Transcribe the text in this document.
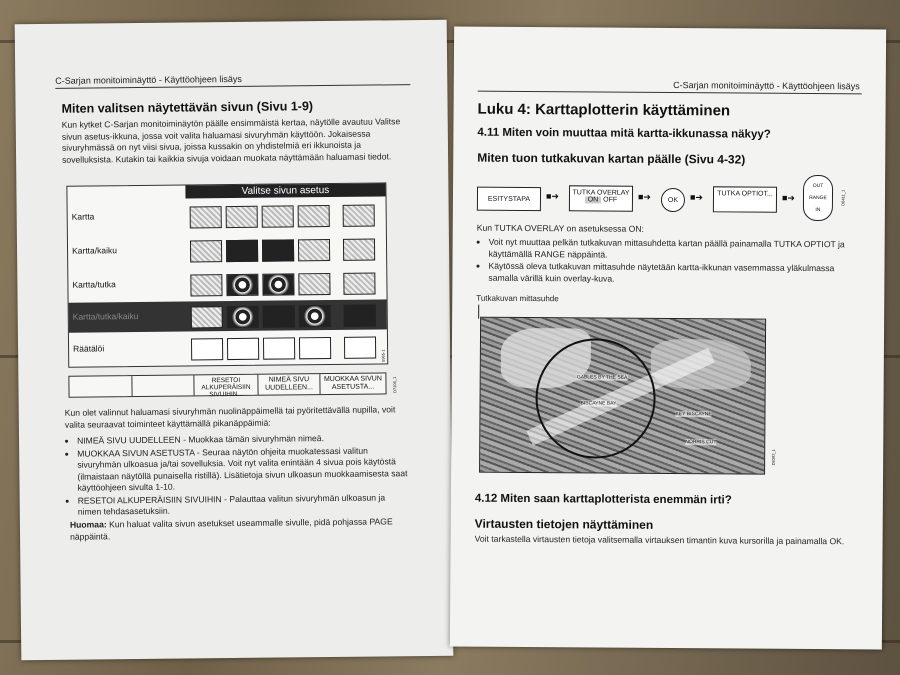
C-Sarjan monitoiminäyttö - Käyttöohjeen lisäys
Miten valitsen näytettävän sivun (Sivu 1-9)
Kun kytket C-Sarjan monitoiminäytön päälle ensimmäistä kertaa, näytölle avautuu Valitse sivun asetus-ikkuna, jossa voit valita haluamasi sivuryhmän käyttöön. Jokaisessa sivuryhmässä on nyt viisi sivua, joissa kussakin on yhdistelmiä eri ikkunoista ja sovelluksista. Kutakin tai kaikkia sivuja voidaan muokata näyttämään haluamasi tiedot.
Valitse sivun asetus
Kartta
Kartta/kaiku
Kartta/tutka
Kartta/tutka/kaiku
Räätälöi
5965-1
RESETOI ALKUPERÄISIIN SIVUIHIN...
NIMEÄ SIVU UUDELLEEN...
MUOKKAA SIVUN ASETUSTA...	D7106_1
Kun olet valinnut haluamasi sivuryhmän nuolinäppäimellä tai pyöritettävällä nupilla, voit valita seuraavat toiminteet käyttämällä pikanäppäimiä:
• NIMEÄ SIVU UUDELLEEN - Muokkaa tämän sivuryhmän nimeä.
• MUOKKAA SIVUN ASETUSTA - Seuraa näytön ohjeita muokatessasi valitun sivuryhmän ulkoasua ja/tai sovelluksia. Voit nyt valita enintään 4 sivua pois käytöstä (ilmaistaan näytöllä punaisella ristillä). Lisätietoja sivun ulkoasun muokkaamisesta saat käyttöohjeen sivulta 1-10.
• RESETOI ALKUPERÄISIIN SIVUIHIN - Palauttaa valitun sivuryhmän ulkoasun ja nimen tehdasasetuksiin.
Huomaa: Kun haluat valita sivun asetukset useammalle sivulle, pidä pohjassa PAGE näppäintä.
C-Sarjan monitoiminäyttö - Käyttöohjeen lisäys
Luku 4: Karttaplotterin käyttäminen
4.11 Miten voin muuttaa mitä kartta-ikkunassa näkyy?
Miten tuon tutkakuvan kartan päälle (Sivu 4-32)
ESITYSTAPA	■➜	TUTKA OVERLAY
ON OFF	■➜	OK	■➜	TUTKA OPTIOT...	■➜
OUT
RANGE
IN
D8411_1
Kun TUTKA OVERLAY on asetuksessa ON:
• Voit nyt muuttaa pelkän tutkakuvan mittasuhdetta kartan päällä painamalla TUTKA OPTIOT ja käyttämällä RANGE näppäintä.
• Käytössä oleva tutkakuvan mittasuhde näytetään kartta-ikkunan vasemmassa yläkulmassa samalla värillä kuin overlay-kuva.
Tutkakuvan mittasuhde
GABLES BY THE SEA
BISCAYNE BAY
KEY BISCAYNE
NORRIS CUT
D8392_1
4.12 Miten saan karttaplotterista enemmän irti?
Virtausten tietojen näyttäminen
Voit tarkastella virtausten tietoja valitsemalla virtauksen timantin kuva kursorilla ja painamalla OK.
